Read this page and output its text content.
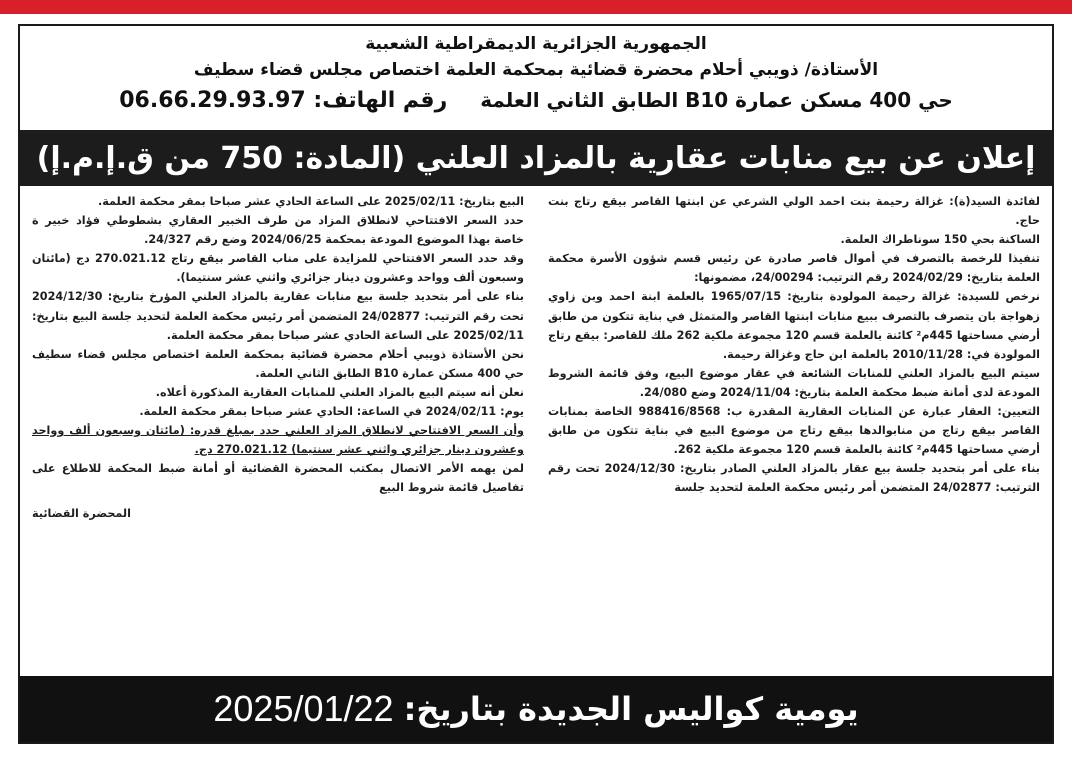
الجمهورية الجزائرية الديمقراطية الشعبية
الأستاذة/ ذويبي أحلام محضرة قضائية بمحكمة العلمة اختصاص مجلس قضاء سطيف
حي 400 مسكن عمارة B10 الطابق الثاني العلمة رقم الهاتف: 06.66.29.93.97
إعلان عن بيع منابات عقارية بالمزاد العلني (المادة: 750 من ق.إ.م.إ)

لفائدة السيد(ة): غزالة رحيمة بنت احمد الولي الشرعي عن ابنتها القاصر بيقع رتاج بنت حاج.

الساكنة بحي 150 سوناطراك العلمة.

تنفيذا للرخصة بالتصرف في أموال قاصر صادرة عن رئيس قسم شؤون الأسرة محكمة العلمة بتاريخ: 2024/02/29 رقم الترتيب: 24/00294، مضمونها:

نرخص للسيدة: غزالة رحيمة المولودة بتاريخ: 1965/07/15 بالعلمة ابنة احمد وبن زاوي زهواجة بان يتصرف بالتصرف ببيع منابات ابنتها القاصر والمتمثل في بناية تتكون من طابق أرضي مساحتها 445م² كائنة بالعلمة قسم 120 مجموعة ملكية 262 ملك للقاصر: بيقع رتاج المولودة في: 2010/11/28 بالعلمة ابن حاج وغزالة رحيمة.

سيتم البيع بالمزاد العلني للمنابات الشائعة في عقار موضوع البيع، وفق قائمة الشروط المودعة لدى أمانة ضبط محكمة العلمة بتاريخ: 2024/11/04 وضع 24/080.

التعيين: العقار عبارة عن المنابات العقارية المقدرة ب: 988416/8568 الخاصة بمنابات القاصر بيقع رتاج من منابوالدها بيقع رتاج من موضوع البيع في بناية تتكون من طابق أرضي مساحتها 445م² كائنة بالعلمة قسم 120 مجموعة ملكية 262.

بناء على أمر بتحديد جلسة بيع عقار بالمزاد العلني الصادر بتاريخ: 2024/12/30 تحت رقم الترتيب: 24/02877 المتضمن أمر رئيس محكمة العلمة لتحديد جلسة

البيع بتاريخ: 2025/02/11 على الساعة الحادي عشر صباحا بمقر محكمة العلمة.

حدد السعر الافتتاحي لانطلاق المزاد من طرف الخبير العقاري بشطوطي فؤاد خبير ة خاصة بهذا الموضوع المودعة بمحكمة 2024/06/25 وضع رقم 24/327.

وقد حدد السعر الافتتاحي للمزايدة على مناب القاصر بيقع رتاج 270.021.12 دج (مائتان وسبعون ألف وواحد وعشرون دينار جزائري واثني عشر سنتيما).

بناء على أمر بتحديد جلسة بيع منابات عقارية بالمزاد العلني المؤرخ بتاريخ: 2024/12/30 تحت رقم الترتيب: 24/02877 المتضمن أمر رئيس محكمة العلمة لتحديد جلسة البيع بتاريخ: 2025/02/11 على الساعة الحادي عشر صباحا بمقر محكمة العلمة.

نحن الأستاذة ذويبي أحلام محضرة قضائية بمحكمة العلمة اختصاص مجلس قضاء سطيف حي 400 مسكن عمارة B10 الطابق الثاني العلمة.

نعلن أنه سيتم البيع بالمزاد العلني للمنابات العقارية المذكورة أعلاه.

يوم: 2024/02/11 في الساعة: الحادي عشر صباحا بمقر محكمة العلمة.

وأن السعر الافتتاحي لانطلاق المزاد العلني حدد بمبلغ قدره: (مائتان وسبعون ألف وواحد وعشرون دينار جزائري واثني عشر سنتيما) 270.021.12 دج.

لمن يهمه الأمر الاتصال بمكتب المحضرة القضائية أو أمانة ضبط المحكمة للاطلاع على تفاصيل قائمة شروط البيع

المحضرة القضائية

يومية كواليس الجديدة بتاريخ:
2025/01/22
